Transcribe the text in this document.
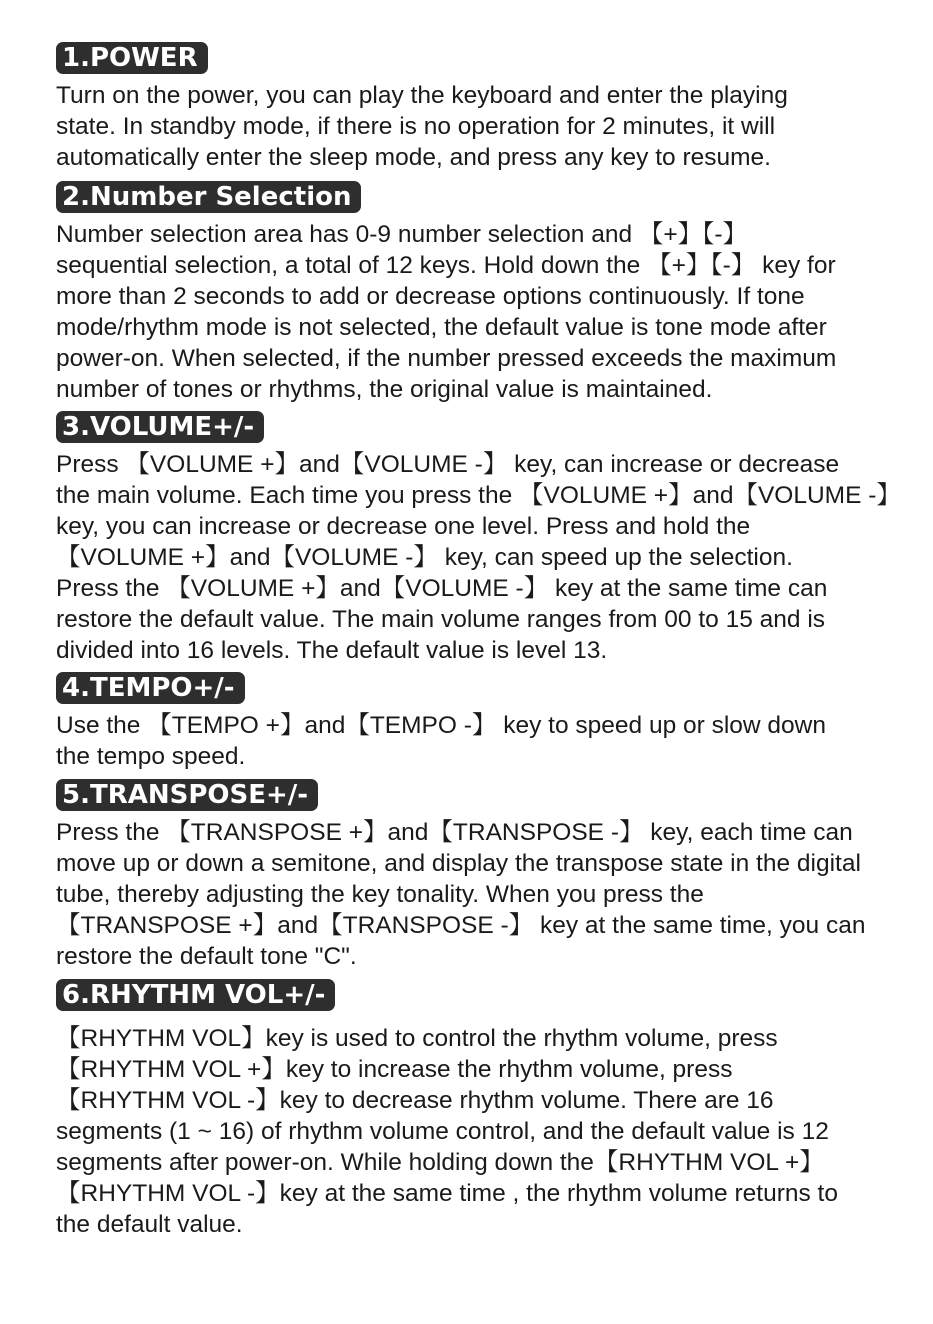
1.POWER
Turn on the power, you can play the keyboard and enter the playing
state. In standby mode, if there is no operation for 2 minutes, it will
automatically enter the sleep mode, and press any key to resume.
2.Number Selection
Number selection area has 0-9 number selection and 【+】【-】
sequential selection, a total of 12 keys. Hold down the 【+】【-】 key for
more than 2 seconds to add or decrease options continuously. If tone
mode/rhythm mode is not selected, the default value is tone mode after
power-on. When selected, if the number pressed exceeds the maximum
number of tones or rhythms, the original value is maintained.
3.VOLUME+/-
Press 【VOLUME +】and【VOLUME -】 key, can increase or decrease
the main volume. Each time you press the 【VOLUME +】and【VOLUME -】
key, you can increase or decrease one level. Press and hold the
【VOLUME +】and【VOLUME -】 key, can speed up the selection.
Press the 【VOLUME +】and【VOLUME -】 key at the same time can
restore the default value. The main volume ranges from 00 to 15 and is
divided into 16 levels. The default value is level 13.
4.TEMPO+/-
Use the 【TEMPO +】and【TEMPO -】 key to speed up or slow down
the tempo speed.
5.TRANSPOSE+/-
Press the 【TRANSPOSE +】and【TRANSPOSE -】 key, each time can
move up or down a semitone, and display the transpose state in the digital
tube, thereby adjusting the key tonality. When you press the
【TRANSPOSE +】and【TRANSPOSE -】 key at the same time, you can
restore the default tone "C".
6.RHYTHM VOL+/-
【RHYTHM VOL】key is used to control the rhythm volume, press
【RHYTHM VOL +】key to increase the rhythm volume, press
【RHYTHM VOL -】key to decrease rhythm volume. There are 16
segments (1 ~ 16) of rhythm volume control, and the default value is 12
segments after power-on. While holding down the【RHYTHM VOL +】
【RHYTHM VOL -】key at the same time , the rhythm volume returns to
the default value.
